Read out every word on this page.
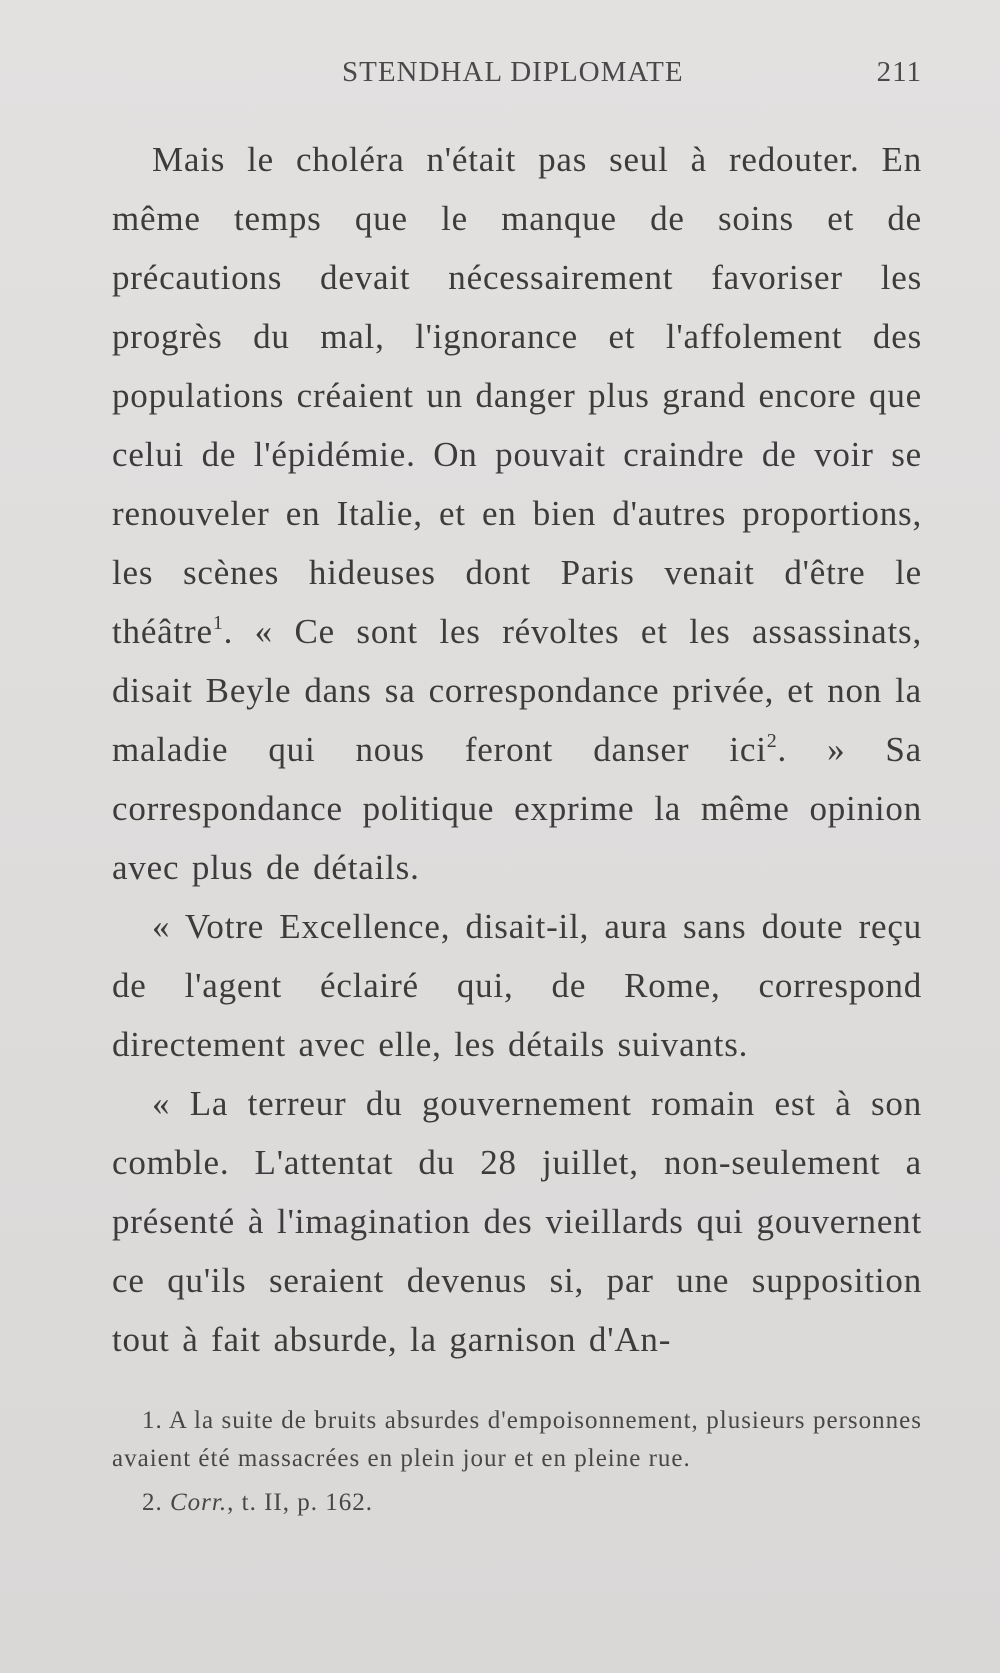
STENDHAL DIPLOMATE	211

Mais le choléra n'était pas seul à redouter. En même temps que le manque de soins et de précautions devait nécessairement favoriser les progrès du mal, l'ignorance et l'affolement des populations créaient un danger plus grand encore que celui de l'épidémie. On pouvait craindre de voir se renouveler en Italie, et en bien d'autres proportions, les scènes hideuses dont Paris venait d'être le théâtre$^1$. « Ce sont les révoltes et les assassinats, disait Beyle dans sa correspondance privée, et non la maladie qui nous feront danser ici$^2$. » Sa correspondance politique exprime la même opinion avec plus de détails.

« Votre Excellence, disait-il, aura sans doute reçu de l'agent éclairé qui, de Rome, correspond directement avec elle, les détails suivants.

« La terreur du gouvernement romain est à son comble. L'attentat du 28 juillet, non-seulement a présenté à l'imagination des vieillards qui gouvernent ce qu'ils seraient devenus si, par une supposition tout à fait absurde, la garnison d'An-

1. A la suite de bruits absurdes d'empoisonnement, plusieurs personnes avaient été massacrées en plein jour et en pleine rue.

2. Corr., t. II, p. 162.
